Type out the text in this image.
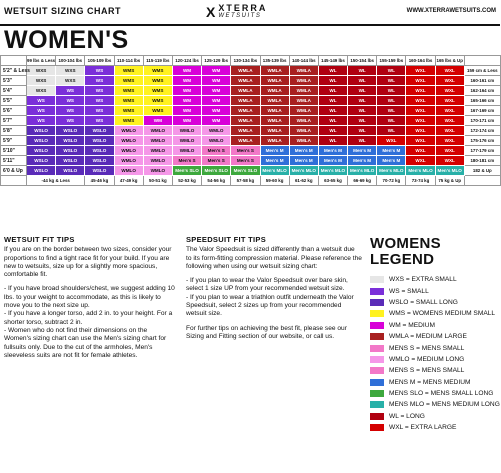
WETSUIT SIZING CHART	X XTERRA
WETSUITS
WWW.XTERRAWETSUITS.COM
WOMEN'S
	99 lbs & Less	100-104 lbs	105-109 lbs	110-114 lbs	115-119 lbs	120-124 lbs	125-129 lbs	130-134 lbs	135-139 lbs	140-144 lbs	145-149 lbs	150-154 lbs	155-159 lbs	160-164 lbs	165 lbs & Up	
5'2" & Less	WXS	WXS	WS	WMS	WMS	WM	WM	WMLA	WMLA	WMLA	WL	WL	WL	WXL	WXL	159 cm & Less
5'3"	WXS	WXS	WS	WMS	WMS	WM	WM	WMLA	WMLA	WMLA	WL	WL	WL	WXL	WXL	160-161 cm
5'4"	WXS	WS	WS	WMS	WMS	WM	WM	WMLA	WMLA	WMLA	WL	WL	WL	WXL	WXL	162-164 cm
5'5"	WS	WS	WS	WMS	WMS	WM	WM	WMLA	WMLA	WMLA	WL	WL	WL	WXL	WXL	165-166 cm
5'6"	WS	WS	WS	WMS	WMS	WM	WM	WMLA	WMLA	WMLA	WL	WL	WL	WXL	WXL	167-169 cm
5'7"	WS	WS	WS	WMS	WM	WM	WM	WMLA	WMLA	WMLA	WL	WL	WL	WXL	WXL	170-171 cm
5'8"	WSLO	WSLO	WSLO	WMLO	WMLO	WMLO	WMLO	WMLA	WMLA	WMLA	WL	WL	WL	WXL	WXL	172-174 cm
5'9"	WSLO	WSLO	WSLO	WMLO	WMLO	WMLO	WMLO	WMLA	WMLA	WMLA	WL	WL	WXL	WXL	WXL	175-176 cm
5'10"	WSLO	WSLO	WSLO	WMLO	WMLO	WMLO	Men's S	Men's S	Men's M	Men's M	Men's M	Men's M	Men's M	WXL	WXL	177-179 cm
5'11"	WSLO	WSLO	WSLO	WMLO	WMLO	Men's S	Men's S	Men's S	Men's M	Men's M	Men's M	Men's M	Men's M	WXL	WXL	180-181 cm
6'0 & Up	WSLO	WSLO	WSLO	WMLO	WMLO	Men's SLO	Men's SLO	Men's SLO	Men's MLO	Men's MLO	Men's MLO	Men's MLO	Men's MLO	Men's MLO	Men's MLO	182 & Up
	-44 kg & Less		45-46 kg	47-49 kg	50-51 kg	52-53 kg	54-56 kg	57-58 kg	59-60 kg	61-62 kg	63-65 kg	66-69 kg	70-72 kg	73-74 kg	75 kg & Up	
WETSUIT FIT TIPS

If you are on the border between two sizes, consider your proportions to find a tight race fit for your build. If you are new to wetsuits, size up for a slightly more spacious, comfortable fit.

- If you have broad shoulders/chest, we suggest adding 10 lbs. to your weight to accommodate, as this is likely to move you to the next size up.
- If you have a longer torso, add 2 in. to your height. For a shorter torso, subtract 2 in.
- Women who do not find their dimensions on the Women's sizing chart can use the Men's sizing chart for fullsuits only. Due to the cut of the armholes, Men's sleeveless suits are not fit for female athletes.

SPEEDSUIT FIT TIPS

The Valor Speedsuit is sized differently than a wetsuit due to its form-fitting compression material. Please reference the following when using our wetsuit sizing chart:

- If you plan to wear the Valor Speedsuit over bare skin, select 1 size UP from your recommended wetsuit size.
- If you plan to wear a triathlon outfit underneath the Valor Speedsuit, select 2 sizes up from your recommended wetsuit size.

For further tips on achieving the best fit, please see our Sizing and Fitting section of our website, or call us.

WOMENS LEGEND
WXS = EXTRA SMALL
WS = SMALL
WSLO = SMALL LONG
WMS = WOMENS MEDIUM SMALL
WM = MEDIUM
WMLA = MEDIUM LARGE
MENS S = MENS SMALL
WMLO = MEDIUM LONG
MENS S = MENS SMALL
MENS M = MENS MEDIUM
MENS SLO = MENS SMALL LONG
MENS MLO = MENS MEDIUM LONG
WL = LONG
WXL = EXTRA LARGE
